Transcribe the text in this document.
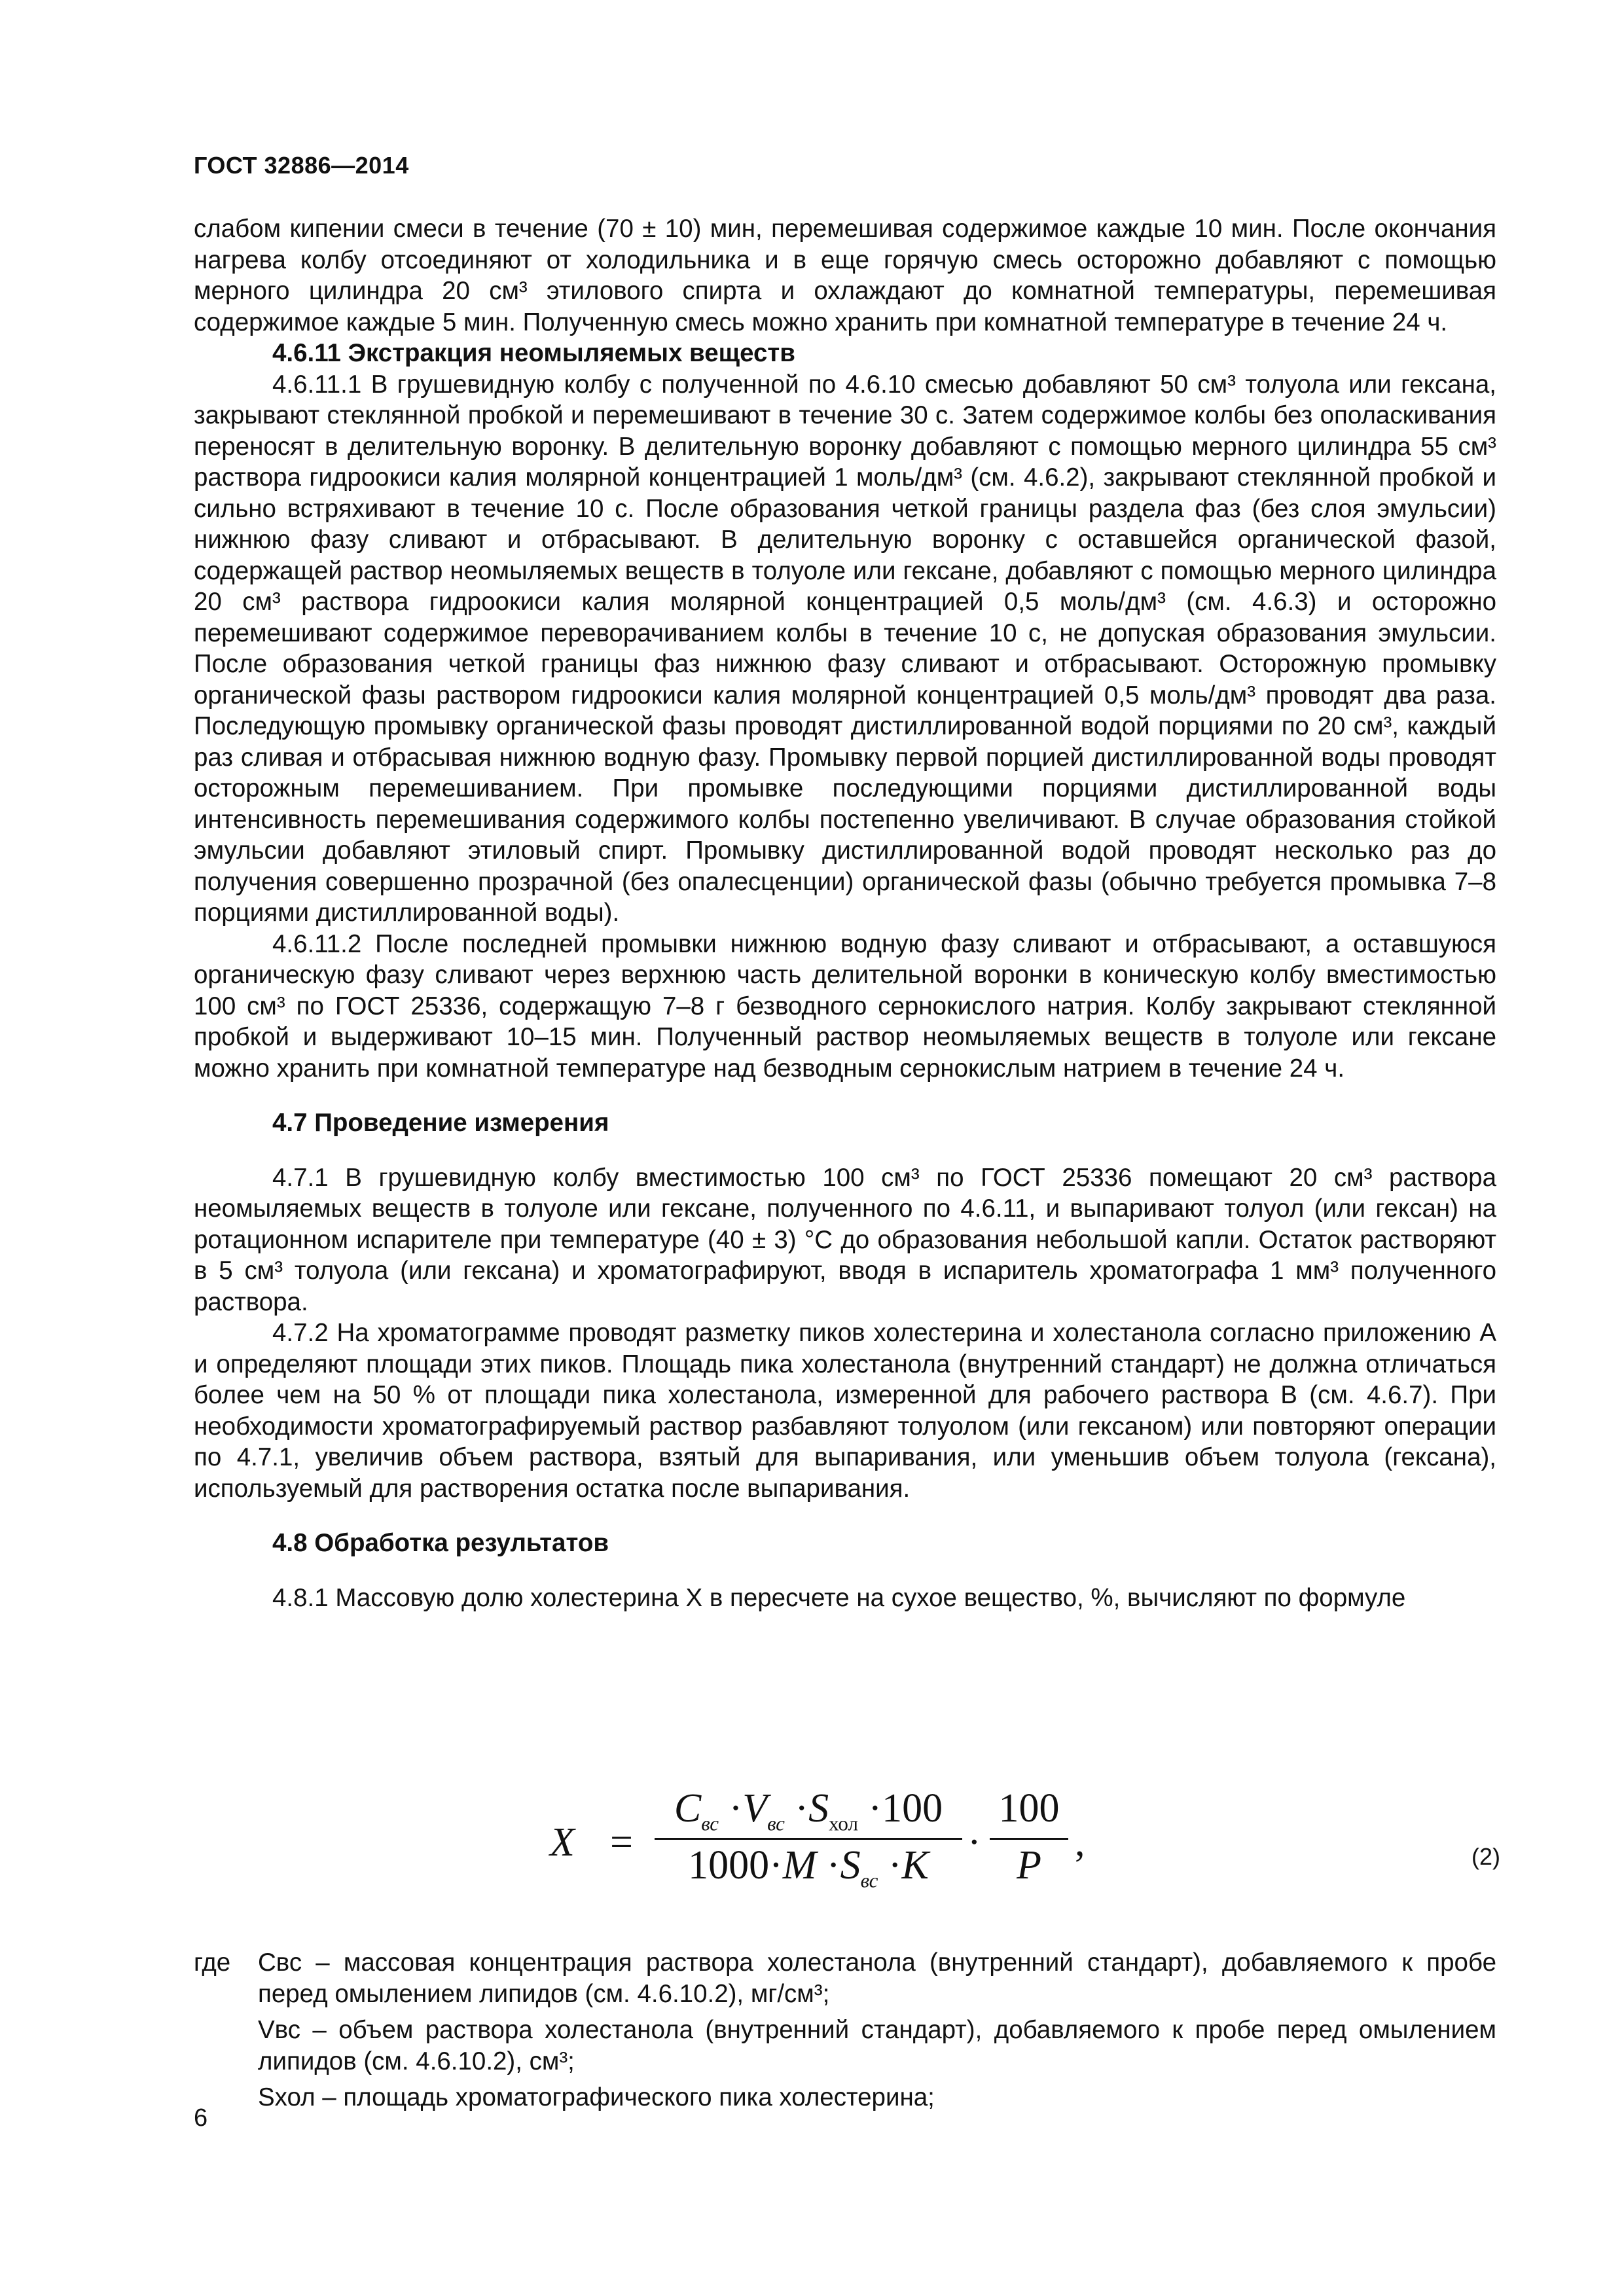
ГОСТ 32886—2014

слабом кипении смеси в течение (70 ± 10) мин, перемешивая содержимое каждые 10 мин. После окончания нагрева колбу отсоединяют от холодильника и в еще горячую смесь осторожно добавляют с помощью мерного цилиндра 20 см³ этилового спирта и охлаждают до комнатной температуры, перемешивая содержимое каждые 5 мин. Полученную смесь можно хранить при комнатной температуре в течение 24 ч.

4.6.11 Экстракция неомыляемых веществ

4.6.11.1 В грушевидную колбу с полученной по 4.6.10 смесью добавляют 50 см³ толуола или гексана, закрывают стеклянной пробкой и перемешивают в течение 30 с. Затем содержимое колбы без ополаскивания переносят в делительную воронку. В делительную воронку добавляют с помощью мерного цилиндра 55 см³ раствора гидроокиси калия молярной концентрацией 1 моль/дм³ (см. 4.6.2), закрывают стеклянной пробкой и сильно встряхивают в течение 10 с. После образования четкой границы раздела фаз (без слоя эмульсии) нижнюю фазу сливают и отбрасывают. В делительную воронку с оставшейся органической фазой, содержащей раствор неомыляемых веществ в толуоле или гексане, добавляют с помощью мерного цилиндра 20 см³ раствора гидроокиси калия молярной концентрацией 0,5 моль/дм³ (см. 4.6.3) и осторожно перемешивают содержимое переворачиванием колбы в течение 10 с, не допуская образования эмульсии. После образования четкой границы фаз нижнюю фазу сливают и отбрасывают. Осторожную промывку органической фазы раствором гидроокиси калия молярной концентрацией 0,5 моль/дм³ проводят два раза. Последующую промывку органической фазы проводят дистиллированной водой порциями по 20 см³, каждый раз сливая и отбрасывая нижнюю водную фазу. Промывку первой порцией дистиллированной воды проводят осторожным перемешиванием. При промывке последующими порциями дистиллированной воды интенсивность перемешивания содержимого колбы постепенно увеличивают. В случае образования стойкой эмульсии добавляют этиловый спирт. Промывку дистиллированной водой проводят несколько раз до получения совершенно прозрачной (без опалесценции) органической фазы (обычно требуется промывка 7–8 порциями дистиллированной воды).

4.6.11.2 После последней промывки нижнюю водную фазу сливают и отбрасывают, а оставшуюся органическую фазу сливают через верхнюю часть делительной воронки в коническую колбу вместимостью 100 см³ по ГОСТ 25336, содержащую 7–8 г безводного сернокислого натрия. Колбу закрывают стеклянной пробкой и выдерживают 10–15 мин. Полученный раствор неомыляемых веществ в толуоле или гексане можно хранить при комнатной температуре над безводным сернокислым натрием в течение 24 ч.

4.7 Проведение измерения

4.7.1 В грушевидную колбу вместимостью 100 см³ по ГОСТ 25336 помещают 20 см³ раствора неомыляемых веществ в толуоле или гексане, полученного по 4.6.11, и выпаривают толуол (или гексан) на ротационном испарителе при температуре (40 ± 3) °С до образования небольшой капли. Остаток растворяют в 5 см³ толуола (или гексана) и хроматографируют, вводя в испаритель хроматографа 1 мм³ полученного раствора.

4.7.2 На хроматограмме проводят разметку пиков холестерина и холестанола согласно приложению А и определяют площади этих пиков. Площадь пика холестанола (внутренний стандарт) не должна отличаться более чем на 50 % от площади пика холестанола, измеренной для рабочего раствора В (см. 4.6.7). При необходимости хроматографируемый раствор разбавляют толуолом (или гексаном) или повторяют операции по 4.7.1, увеличив объем раствора, взятый для выпаривания, или уменьшив объем толуола (гексана), используемый для растворения остатка после выпаривания.

4.8 Обработка результатов

4.8.1 Массовую долю холестерина X в пересчете на сухое вещество, %, вычисляют по формуле

X =
$C_{вс} \cdot V_{вс} \cdot S_{хол} \cdot 100$
$1000\cdot M \cdot S_{вс} \cdot K$
·
100
P
,	(2)
где Cвс – массовая концентрация раствора холестанола (внутренний стандарт), добавляемого к пробе перед омылением липидов (см. 4.6.10.2), мг/см³;

Vвс – объем раствора холестанола (внутренний стандарт), добавляемого к пробе перед омылением липидов (см. 4.6.10.2), см³;

Sхол – площадь хроматографического пика холестерина;

6
